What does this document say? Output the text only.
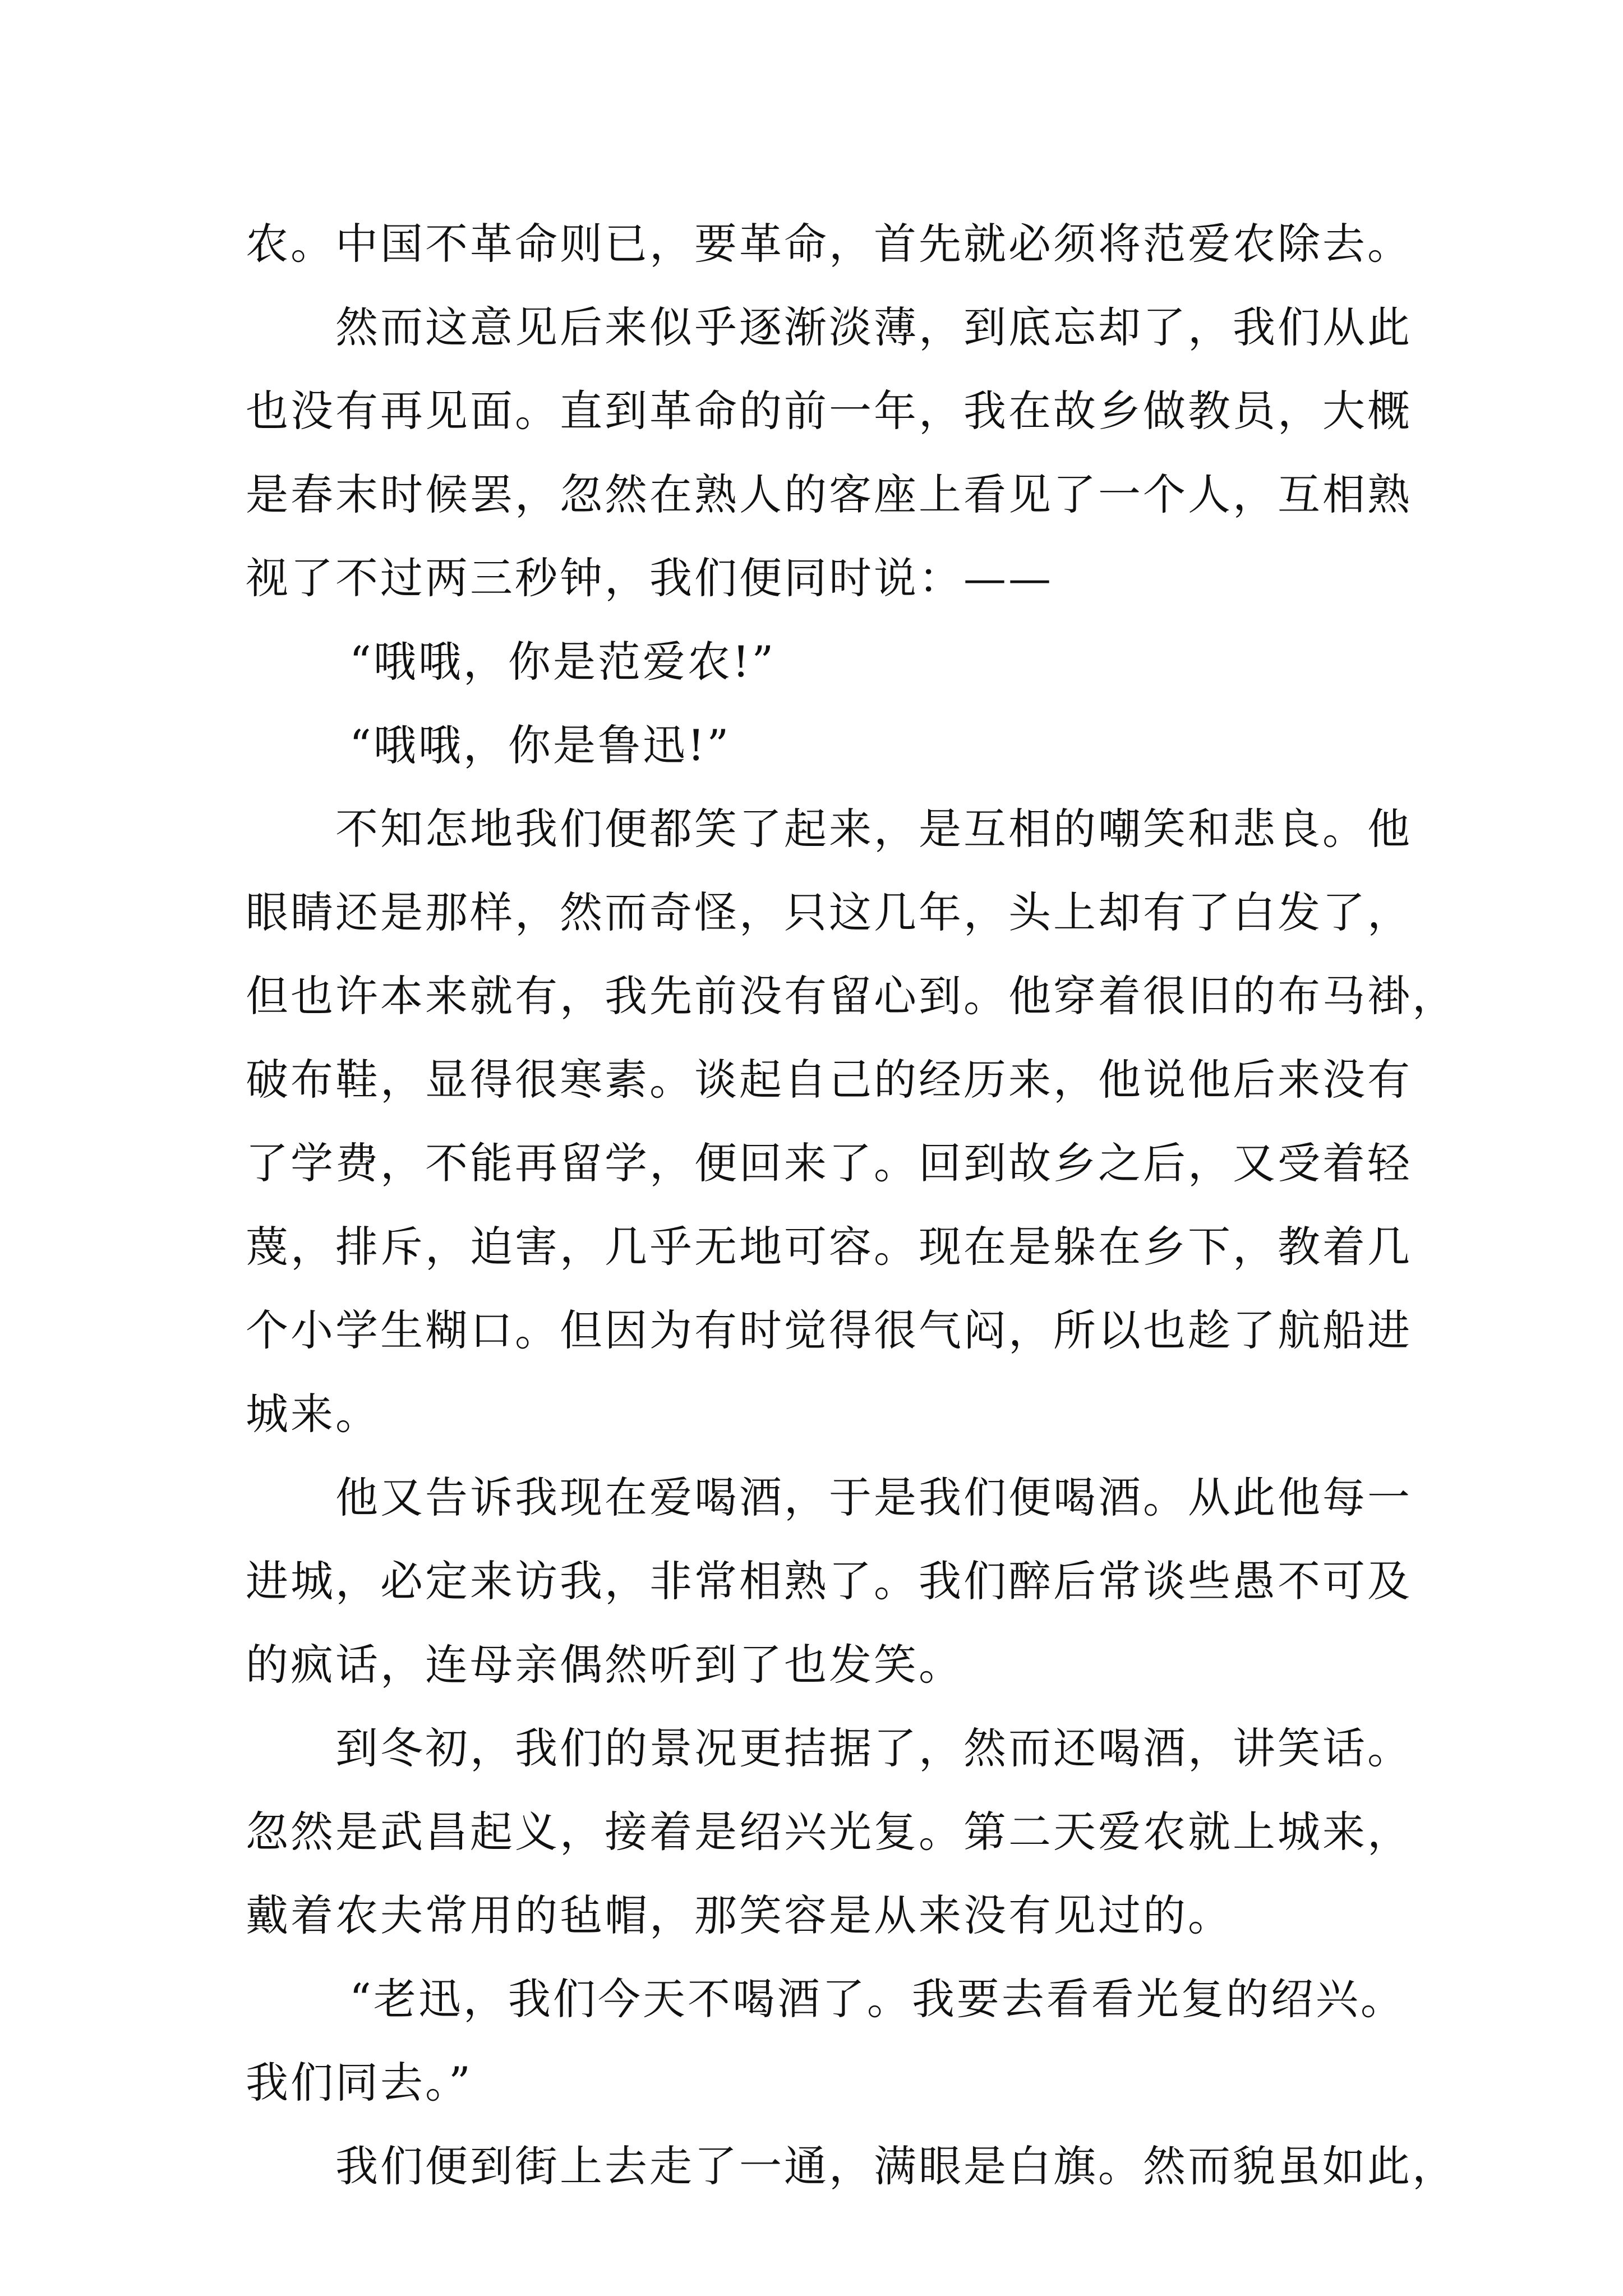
农。中国不革命则已，要革命，首先就必须将范爱农除去。
然而这意见后来似乎逐渐淡薄，到底忘却了，我们从此
也没有再见面。直到革命的前一年，我在故乡做教员，大概
是春末时候罢，忽然在熟人的客座上看见了一个人，互相熟
视了不过两三秒钟，我们便同时说：——
“哦哦，你是范爱农!”
“哦哦，你是鲁迅!”
不知怎地我们便都笑了起来，是互相的嘲笑和悲良。他
眼睛还是那样，然而奇怪，只这几年，头上却有了白发了，
但也许本来就有，我先前没有留心到。他穿着很旧的布马褂，
破布鞋，显得很寒素。谈起自己的经历来，他说他后来没有
了学费，不能再留学，便回来了。回到故乡之后，又受着轻
蔑，排斥，迫害，几乎无地可容。现在是躲在乡下，教着几
个小学生糊口。但因为有时觉得很气闷，所以也趁了航船进
城来。
他又告诉我现在爱喝酒，于是我们便喝酒。从此他每一
进城，必定来访我，非常相熟了。我们醉后常谈些愚不可及
的疯话，连母亲偶然听到了也发笑。
到冬初，我们的景况更拮据了，然而还喝酒，讲笑话。
忽然是武昌起义，接着是绍兴光复。第二天爱农就上城来，
戴着农夫常用的毡帽，那笑容是从来没有见过的。
“老迅，我们今天不喝酒了。我要去看看光复的绍兴。
我们同去。”
我们便到街上去走了一通，满眼是白旗。然而貌虽如此，
